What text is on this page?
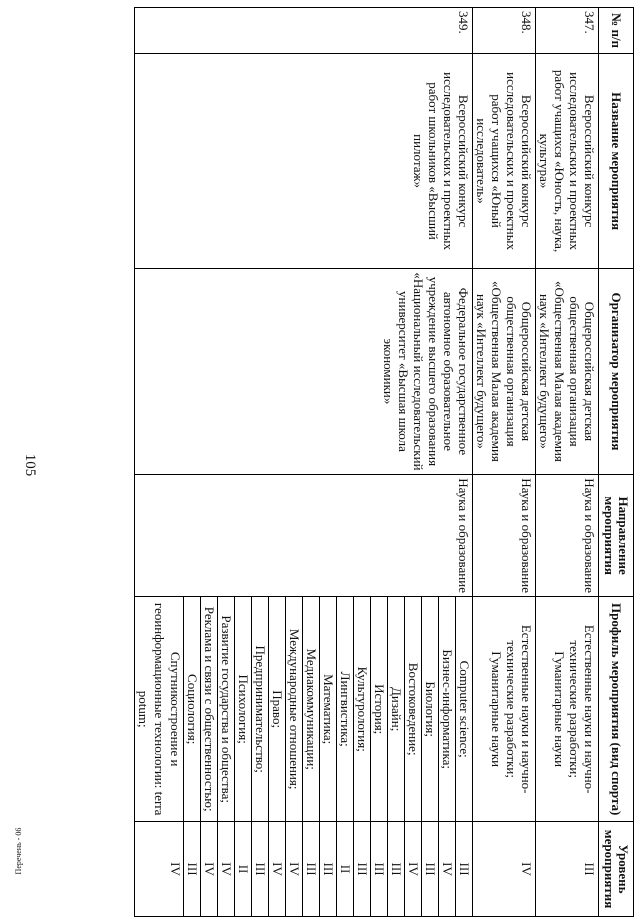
105
Перечень - 06
№ п/п	Название мероприятия	Организатор мероприятия	Направление мероприятия	Профиль мероприятия (вид спорта)	Уровень мероприятия
347.	Всероссийский конкурс исследовательских и проектных работ учащихся «Юность, наука, культура»	Общероссийская детская общественная организация «Общественная Малая академия наук «Интеллект будущего»	Наука и образование	Естественные науки и научно-технические разработки; Гуманитарные науки	III
348.	Всероссийский конкурс исследовательских и проектных работ учащихся «Юный исследователь»	Общероссийская детская общественная организация «Общественная Малая академия наук «Интеллект будущего»	Наука и образование	Естественные науки и научно-технические разработки; Гуманитарные науки	IV
349.	Всероссийский конкурс исследовательских и проектных работ школьников «Высший пилотаж»	Федеральное государственное автономное образовательное учреждение высшего образования «Национальный исследовательский университет «Высшая школа экономики»	Наука и образование	Computer science;	III
				Бизнес-информатика;	IV
				Биология;	III
				Востоковедение;	IV
				Дизайн;	III
				История;	III
				Культурология;	III
				Лингвистика;	II
				Математика;	III
				Медиакоммуникации;	III
				Международные отношения;	IV
				Право;	IV
				Предпринимательство;	III
				Психология;	II
				Развитие государства и общества;	IV
				Реклама и связи с общественностью;	IV
				Социология;	III
				Спутникостроение и геоинформационные технологии: terra potum;	IV
